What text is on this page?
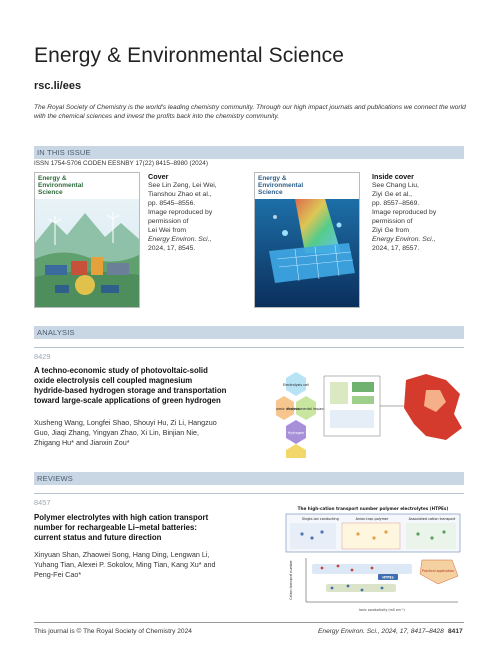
Energy & Environmental Science
rsc.li/ees
The Royal Society of Chemistry is the world's leading chemistry community. Through our high impact journals and publications we connect the world with the chemical sciences and invest the profits back into the chemistry community.
IN THIS ISSUE
ISSN 1754-5706 CODEN EESNBY 17(22) 8415–8980 (2024)
Energy &
Environmental
Science
Cover
See Lin Zeng, Lei Wei,
Tianshou Zhao et al.,
pp. 8545–8556.
Image reproduced by
permission of
Lei Wei from
Energy Environ. Sci.,
2024, 17, 8545.
Energy &
Environmental
Science
Inside cover
See Chang Liu,
Ziyi Ge et al.,
pp. 8557–8569.
Image reproduced by
permission of
Ziyi Ge from
Energy Environ. Sci.,
2024, 17, 8557.
ANALYSIS
8429
A techno-economic study of photovoltaic-solid
oxide electrolysis cell coupled magnesium
hydride-based hydrogen storage and transportation
toward large-scale applications of green hydrogen
Xusheng Wang, Longfei Shao, Shouyi Hu, Zi Li, Hangzuo
Guo, Jiaqi Zhang, Yingyan Zhao, Xi Lin, Binjian Nie,
Zhigang Hu* and Jianxin Zou*
Electrolysis cell
omic analysis
Environmental impact
Hydrogen
REVIEWS
8457
Polymer electrolytes with high cation transport
number for rechargeable Li–metal batteries:
current status and future direction
Xinyuan Shan, Zhaowei Song, Hang Ding, Lengwan Li,
Yuhang Tian, Alexei P. Sokolov, Ming Tian, Kang Xu* and
Peng-Fei Cao*
The high-cation transport number polymer electrolytes (HTPEs)
Single-ion conducting	Anion-trap polymer	Associated cation transport
Cation transport number
Ionic conductivity (mS cm⁻¹)
HTPEs
Practical application
This journal is © The Royal Society of Chemistry 2024	Energy Environ. Sci., 2024, 17, 8417–8428 8417
